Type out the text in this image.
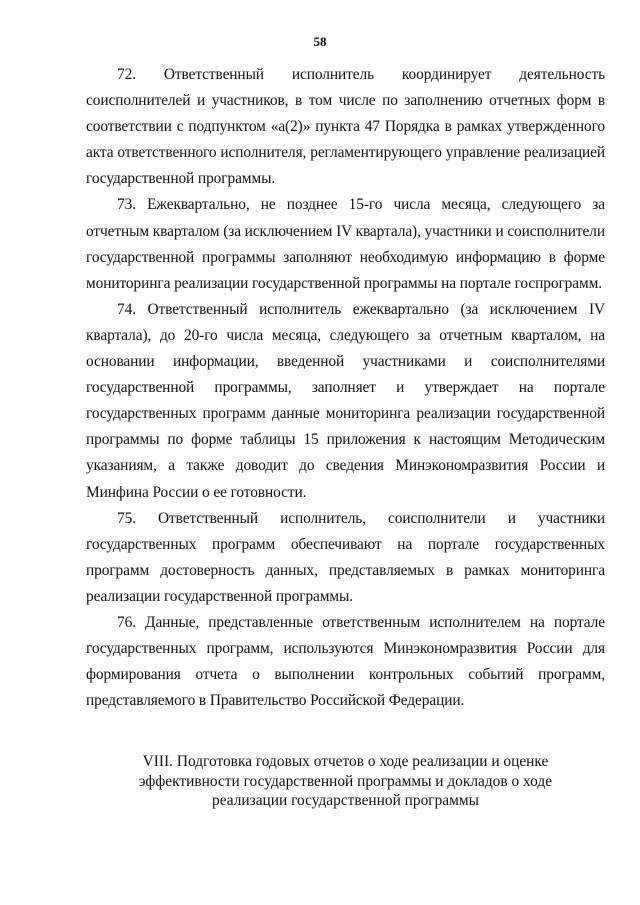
58

72. Ответственный исполнитель координирует деятельность соисполнителей и участников, в том числе по заполнению отчетных форм в соответствии с подпунктом «а(2)» пункта 47 Порядка в рамках утвержденного акта ответственного исполнителя, регламентирующего управление реализацией государственной программы.

73. Ежеквартально, не позднее 15-го числа месяца, следующего за отчетным кварталом (за исключением IV квартала), участники и соисполнители государственной программы заполняют необходимую информацию в форме мониторинга реализации государственной программы на портале госпрограмм.

74. Ответственный исполнитель ежеквартально (за исключением IV квартала), до 20-го числа месяца, следующего за отчетным кварталом, на основании информации, введенной участниками и соисполнителями государственной программы, заполняет и утверждает на портале государственных программ данные мониторинга реализации государственной программы по форме таблицы 15 приложения к настоящим Методическим указаниям, а также доводит до сведения Минэкономразвития России и Минфина России о ее готовности.

75. Ответственный исполнитель, соисполнители и участники государственных программ обеспечивают на портале государственных программ достоверность данных, представляемых в рамках мониторинга реализации государственной программы.

76. Данные, представленные ответственным исполнителем на портале государственных программ, используются Минэкономразвития России для формирования отчета о выполнении контрольных событий программ, представляемого в Правительство Российской Федерации.

VIII. Подготовка годовых отчетов о ходе реализации и оценке
эффективности государственной программы и докладов о ходе
реализации государственной программы
